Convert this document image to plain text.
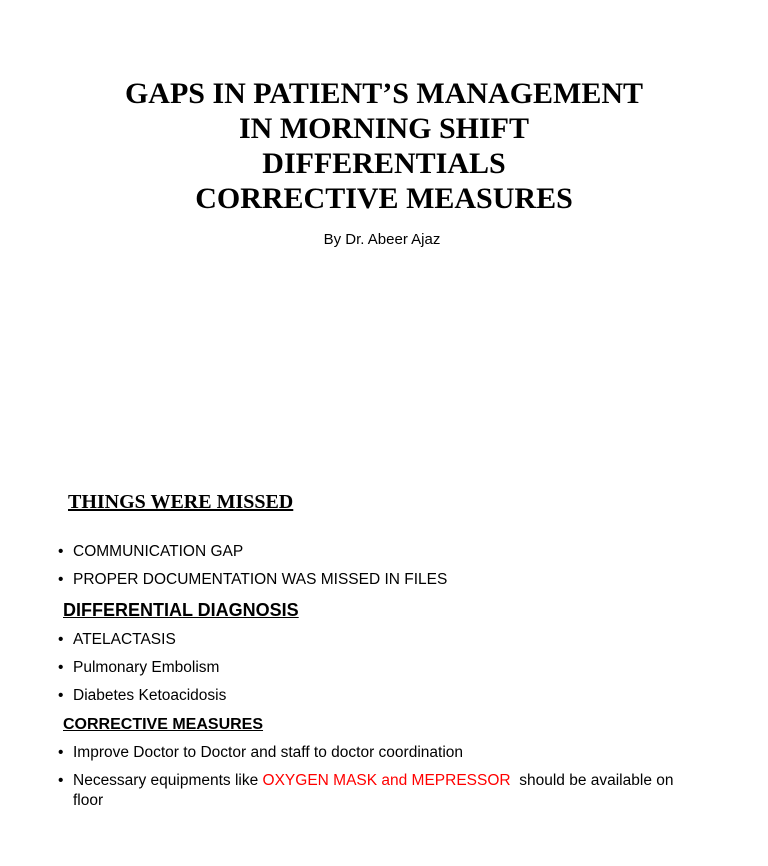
GAPS IN PATIENT’S MANAGEMENT
IN MORNING SHIFT
DIFFERENTIALS
CORRECTIVE MEASURES
By Dr. Abeer Ajaz
THINGS WERE MISSED
• COMMUNICATION GAP
• PROPER DOCUMENTATION WAS MISSED IN FILES
DIFFERENTIAL DIAGNOSIS
• ATELACTASIS
• Pulmonary Embolism
• Diabetes Ketoacidosis
CORRECTIVE MEASURES
• Improve Doctor to Doctor and staff to doctor coordination
• Necessary equipments like OXYGEN MASK and MEPRESSOR  should be available on floor
